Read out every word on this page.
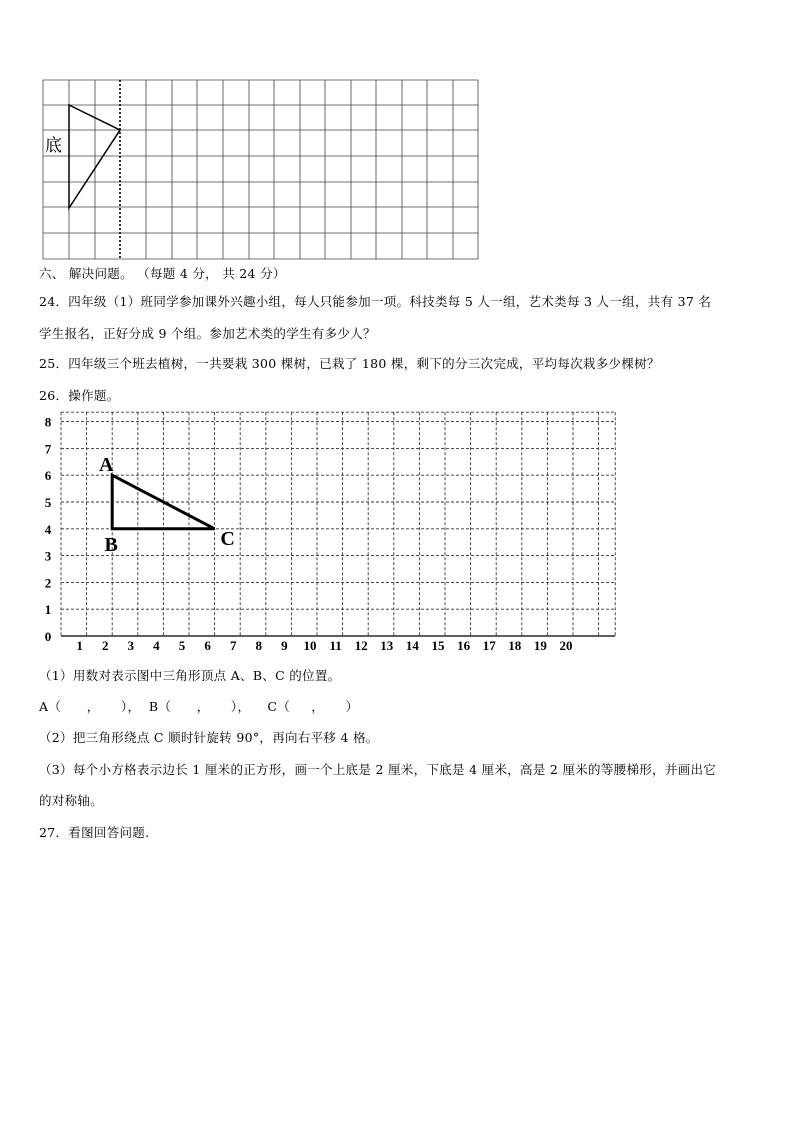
底
六、 解决问题。 （每题 4 分， 共 24 分）
24．四年级（1）班同学参加课外兴趣小组，每人只能参加一项。科技类每 5 人一组，艺术类每 3 人一组，共有 37 名
学生报名，正好分成 9 个组。参加艺术类的学生有多少人？
25．四年级三个班去植树，一共要栽 300 棵树，已栽了 180 棵，剩下的分三次完成，平均每次栽多少棵树？
26．操作题。
1 2 3 4 5 6 7 8 9 10 11 12 13 14 15 16 17 18 19 20
0
1
2
3
4
5
6
7
8
A
B	C
（1）用数对表示图中三角形顶点 A、B、C 的位置。
A（      ，     ），  B（      ，     ），    C（     ，     ）
（2）把三角形绕点 C 顺时针旋转 90°，再向右平移 4 格。
（3）每个小方格表示边长 1 厘米的正方形，画一个上底是 2 厘米，下底是 4 厘米，高是 2 厘米的等腰梯形，并画出它
的对称轴。
27．看图回答问题.
